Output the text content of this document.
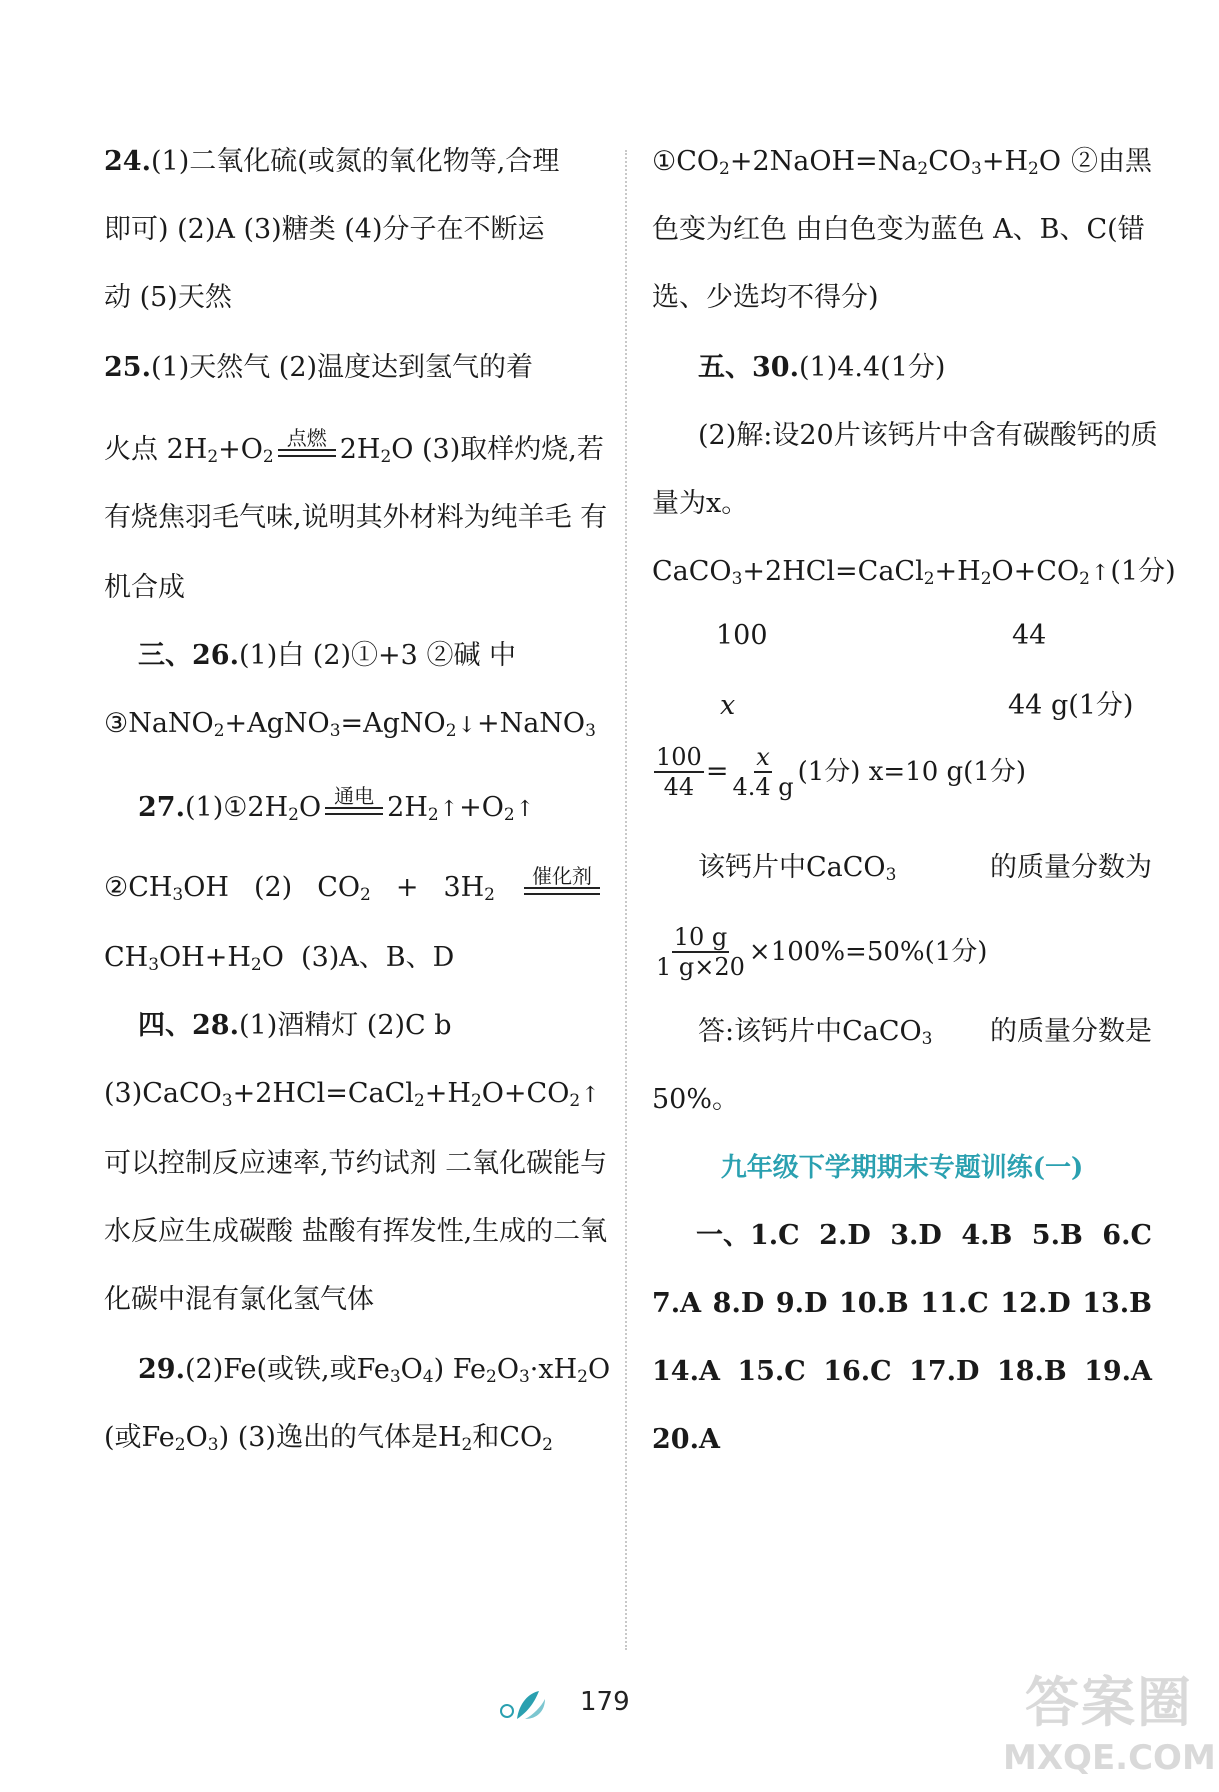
24.(1)二氧化硫(或氮的氧化物等,合理
即可) (2)A (3)糖类 (4)分子在不断运
动 (5)天然
25.(1)天然气 (2)温度达到氢气的着
火点 $2H_2+O_2$
点燃 $2H_2O$ (3)取样灼烧,若
有烧焦羽毛气味,说明其外材料为纯羊毛 有
机合成
三、26.(1)白 (2)①+3 ②碱 中
③NaNO$_2$+AgNO$_3$=AgNO$_2$↓+NaNO$_3$
$27.(1)①2H_2O$ 通电 $2H_2↑+O_2↑$
$②CH_3OH$ (2) $CO_2 + 3H_2$
催化剂
$CH_3OH+H_2O$  (3)A、B、D
四、28.(1)酒精灯 (2)C b
$(3)CaCO_3+2HCl=CaCl_2+H_2O+CO_2↑$
可以控制反应速率,节约试剂 二氧化碳能与
水反应生成碳酸 盐酸有挥发性,生成的二氧
化碳中混有氯化氢气体
29.(2)Fe(或铁,或$Fe_3O_4$) $Fe_2O_3\cdot xH_2O$
(或$Fe_2O_3$) (3)逸出的气体是$H_2$和$CO_2$
$①CO_2+2NaOH=Na_2CO_3+H_2O$ ②由黑
色变为红色 由白色变为蓝色 A、B、C(错
选、少选均不得分)
五、30.(1)4.4(1分)
(2)解:设20片该钙片中含有碳酸钙的质
量为x。
$CaCO_3+2HCl=CaCl_2+H_2O+CO_2↑(1$分)
100	44
x	44 g(1分)
$\frac{100}{44} = \frac{x}{4.4 g} (1$分) x=10 g(1分)
该钙片中CaCO$_3$	的质量分数为
$\frac{10 g}{1 g\times 20} \times 100\%=50\%(1$分)
答:该钙片中CaCO$_3$ 的质量分数是
50%。
九年级下学期期末专题训练(一)
一、1.C 2.D 3.D 4.B 5.B 6.C
7.A 8.D 9.D 10.B 11.C 12.D 13.B
14.A 15.C 16.C 17.D 18.B 19.A
20.A
179	答案圈
MXQE.COM
